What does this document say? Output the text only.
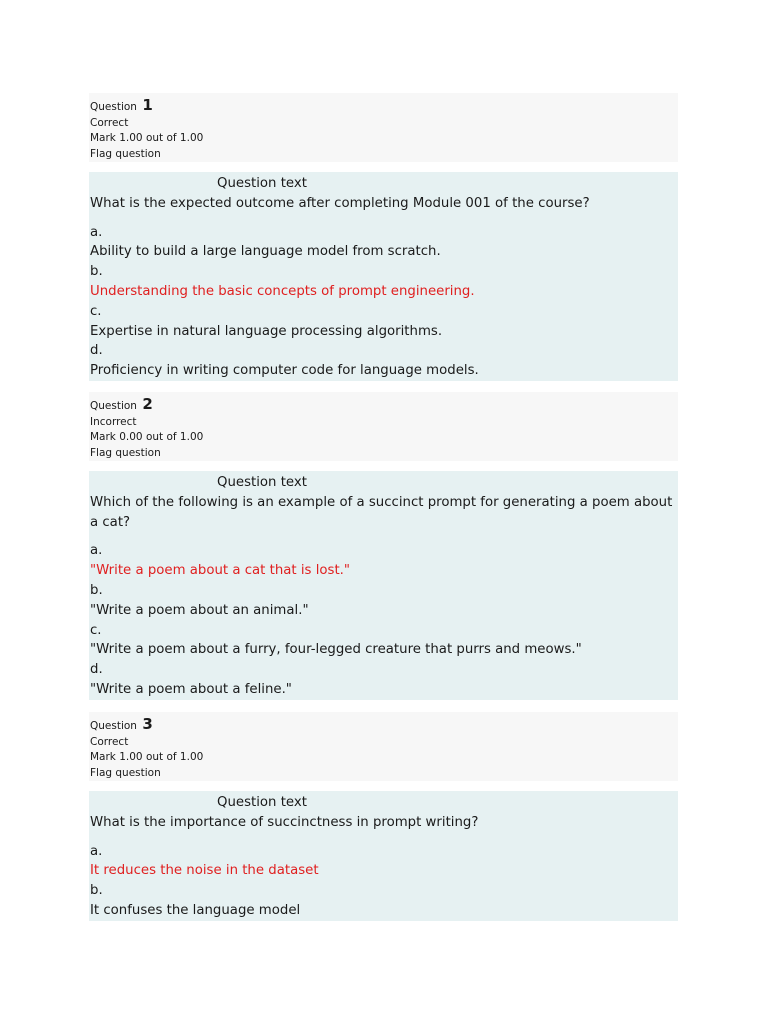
Question 1
Correct
Mark 1.00 out of 1.00
Flag question
Question text
What is the expected outcome after completing Module 001 of the course?
a.
Ability to build a large language model from scratch.
b.
Understanding the basic concepts of prompt engineering.
c.
Expertise in natural language processing algorithms.
d.
Proficiency in writing computer code for language models.
Question 2
Incorrect
Mark 0.00 out of 1.00
Flag question
Question text
Which of the following is an example of a succinct prompt for generating a poem about a cat?
a.
"Write a poem about a cat that is lost."
b.
"Write a poem about an animal."
c.
"Write a poem about a furry, four-legged creature that purrs and meows."
d.
"Write a poem about a feline."
Question 3
Correct
Mark 1.00 out of 1.00
Flag question
Question text
What is the importance of succinctness in prompt writing?
a.
It reduces the noise in the dataset
b.
It confuses the language model
